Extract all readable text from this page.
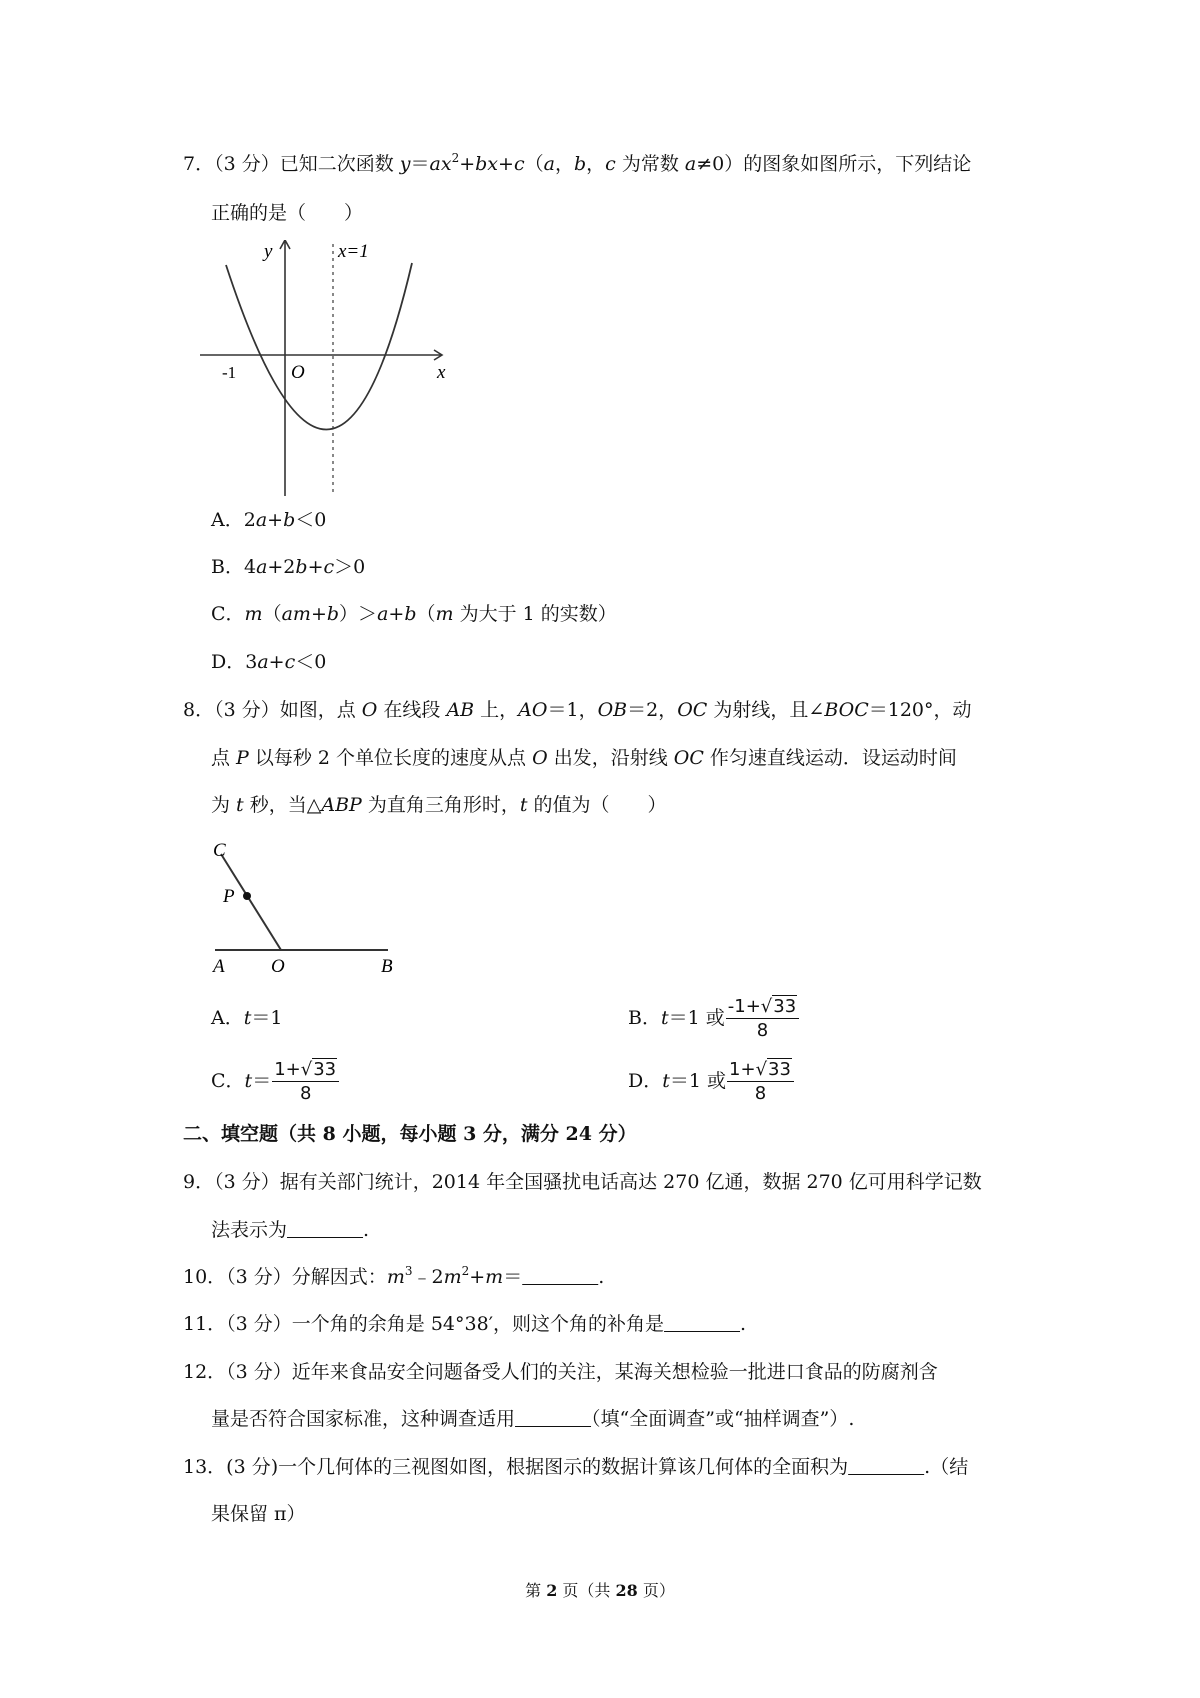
7．（3 分）已知二次函数 $y=ax^2+bx+c(a$，b，c 为常数 a≠0）的图象如图所示，下列结论
正确的是（　　）
y	x=1
-1	O	x
A．2a+b＜0
B．4a+2b+c＞0
C．m（am+b）＞a+b（m 为大于 1 的实数）
D．3a+c＜0
8．（3 分）如图，点 O 在线段 AB 上，AO＝1，OB＝2，OC 为射线，且∠BOC＝120°，动
点 P 以每秒 2 个单位长度的速度从点 O 出发，沿射线 OC 作匀速直线运动．设运动时间
为 t 秒，当△ABP 为直角三角形时，t 的值为（　　）
C
P
A O	B
A．t＝1	B．t＝1 或 $\frac{-1+√33}{8}$
C．$t= \frac{1+√33}{8}$	D．t＝1 或 $\frac{1+√33}{8}$
二、填空题（共 8 小题，每小题 3 分，满分 24 分）
9．（3 分）据有关部门统计，2014 年全国骚扰电话高达 270 亿通，数据 270 亿可用科学记数
法表示为　　　　	.
10．（3 分）分解因式：$m^3﹣2m^2+m=$　　　　	.
11．（3 分）一个角的余角是 54°38′，则这个角的补角是　　　　	.
12．（3 分）近年来食品安全问题备受人们的关注，某海关想检验一批进口食品的防腐剂含
量是否符合国家标准，这种调查适用　　　　	（填“全面调查”或“抽样调查”）.
13．(3 分)一个几何体的三视图如图，根据图示的数据计算该几何体的全面积为　　　　	.（结
果保留 π）
第 2 页（共 28 页）
